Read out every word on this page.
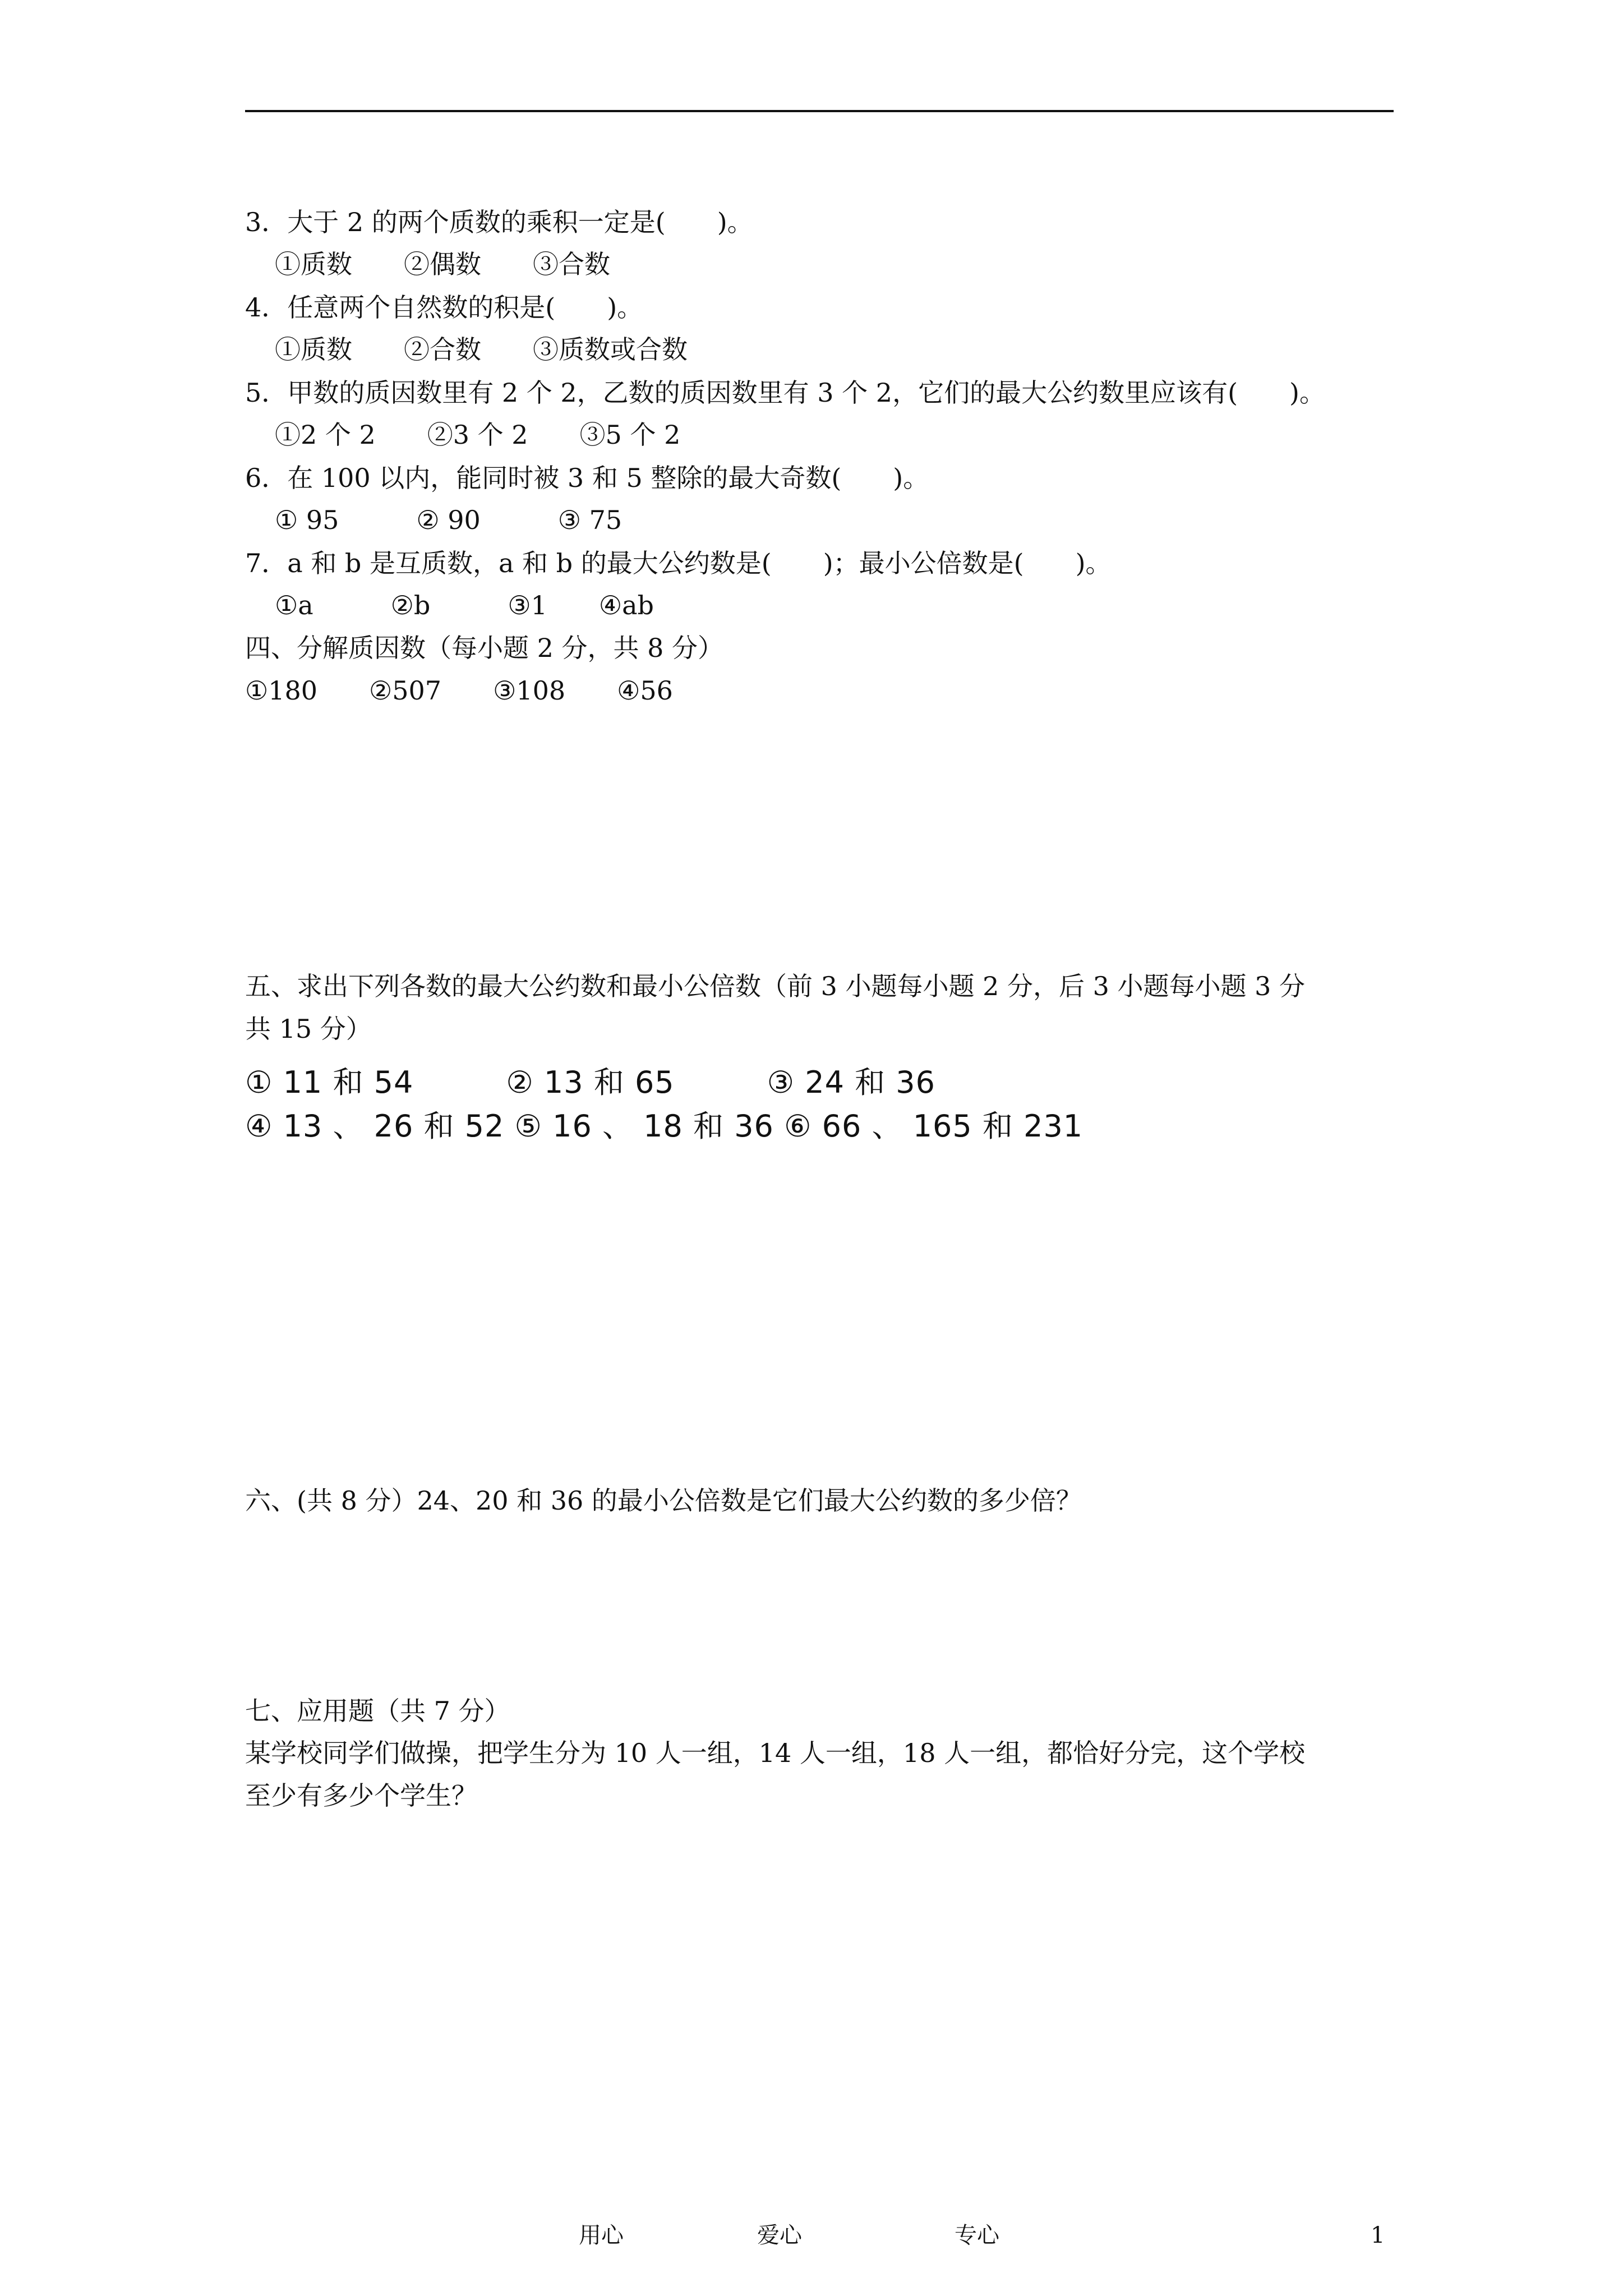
3．大于 2 的两个质数的乘积一定是(　　)。
①质数　　②偶数　　③合数
4．任意两个自然数的积是(　　)。
①质数　　②合数　　③质数或合数
5．甲数的质因数里有 2 个 2，乙数的质因数里有 3 个 2，它们的最大公约数里应该有(　　)。
①2 个 2　　②3 个 2　　③5 个 2
6．在 100 以内，能同时被 3 和 5 整除的最大奇数(　　)。
① 95　　　② 90　　　③ 75
7．a 和 b 是互质数，a 和 b 的最大公约数是(　　)；最小公倍数是(　　)。
①a　　　②b　　　③1　　④ab
四、分解质因数（每小题 2 分，共 8 分）
①180　　②507　　③108　　④56
五、求出下列各数的最大公约数和最小公倍数（前 3 小题每小题 2 分，后 3 小题每小题 3 分
共 15 分）
① 11 和 54　　　② 13 和 65　　　③ 24 和 36
④ 13 、 26 和 52 ⑤ 16 、 18 和 36 ⑥ 66 、 165 和 231
六、(共 8 分）24、20 和 36 的最小公倍数是它们最大公约数的多少倍？
七、应用题（共 7 分）
某学校同学们做操，把学生分为 10 人一组，14 人一组，18 人一组，都恰好分完，这个学校
至少有多少个学生？
用心	爱心	专心	1
